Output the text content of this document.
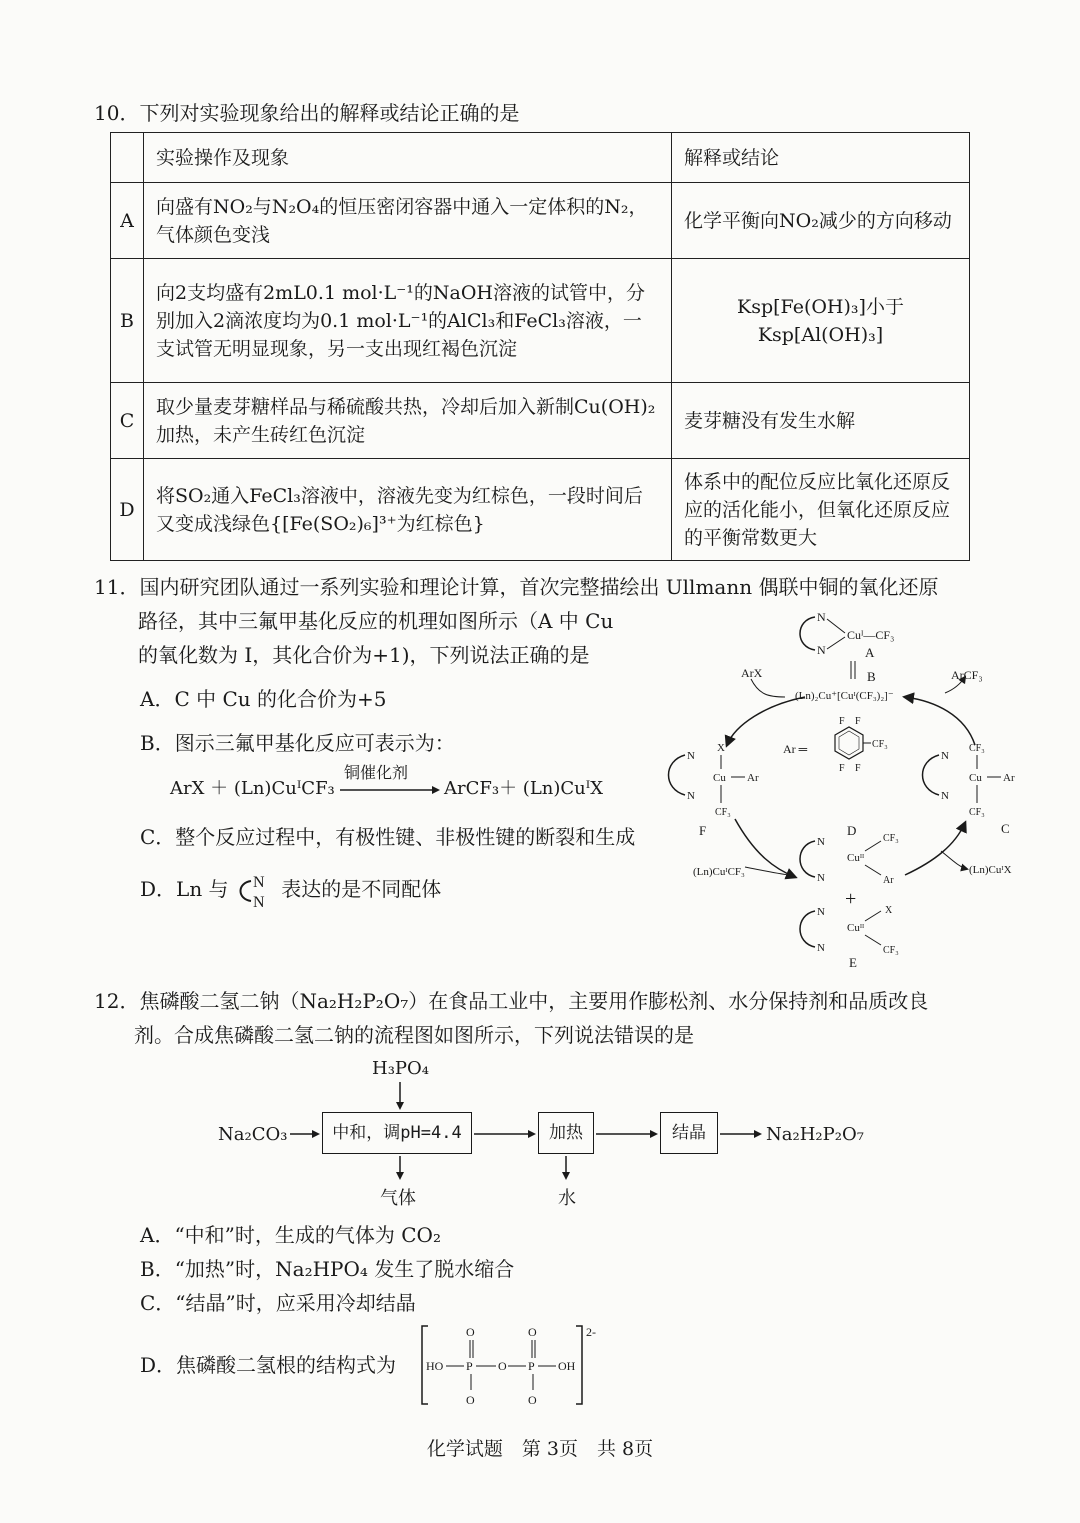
10．下列对实验现象给出的解释或结论正确的是
	实验操作及现象	解释或结论
A	向盛有NO₂与N₂O₄的恒压密闭容器中通入一定体积的N₂，气体颜色变浅	化学平衡向NO₂减少的方向移动
B	向2支均盛有2mL0.1 mol·L⁻¹的NaOH溶液的试管中，分别加入2滴浓度均为0.1 mol·L⁻¹的AlCl₃和FeCl₃溶液，一支试管无明显现象，另一支出现红褐色沉淀	Ksp[Fe(OH)₃]小于Ksp[Al(OH)₃]
C	取少量麦芽糖样品与稀硫酸共热，冷却后加入新制Cu(OH)₂加热，未产生砖红色沉淀	麦芽糖没有发生水解
D	将SO₂通入FeCl₃溶液中，溶液先变为红棕色，一段时间后又变成浅绿色{[Fe(SO₂)₆]³⁺为红棕色}	体系中的配位反应比氧化还原反应的活化能小，但氧化还原反应的平衡常数更大
11．国内研究团队通过一系列实验和理论计算，首次完整描绘出 Ullmann 偶联中铜的氧化还原
路径，其中三氟甲基化反应的机理如图所示（A 中 Cu
的氧化数为 I，其化合价为+1)，下列说法正确的是
A．C 中 Cu 的化合价为+5
B．图示三氟甲基化反应可表示为：
ArX ＋ (Ln)CuᴵCF₃
铜催化剂
ArCF₃＋ (Ln)CuᴵX
C．整个反应过程中，有极性键、非极性键的断裂和生成
D．Ln 与 N
N
表达的是不同配体
N
N
Cuᴵ—CF₃
A
B
(Ln)₂Cu⁺[Cuᴵ(CF₃)₂]⁻
ArX	ArCF₃
Ar ═
F F
F F
CF₃
N
N
X
Cu Ar
CF₃
F
N
N
CF₃
Cu Ar
CF₃
C
(Ln)CuᴵCF₃	(Ln)CuᴵX
D
N
N
Cuᴵᴵ
CF₃
Ar
+
N
N
Cuᴵᴵ
X
CF₃
E
12．焦磷酸二氢二钠（Na₂H₂P₂O₇）在食品工业中，主要用作膨松剂、水分保持剂和品质改良
剂。合成焦磷酸二氢二钠的流程图如图所示，下列说法错误的是
H₃PO₄
Na₂CO₃	中和，调pH=4.4	加热	结晶	Na₂H₂P₂O₇
气体	水
A．“中和”时，生成的气体为 CO₂
B．“加热”时，Na₂HPO₄ 发生了脱水缩合
C．“结晶”时，应采用冷却结晶
D．焦磷酸二氢根的结构式为
2-
HO P
O
O
O P
O
O
OH
化学试题　第 3页　共 8页
